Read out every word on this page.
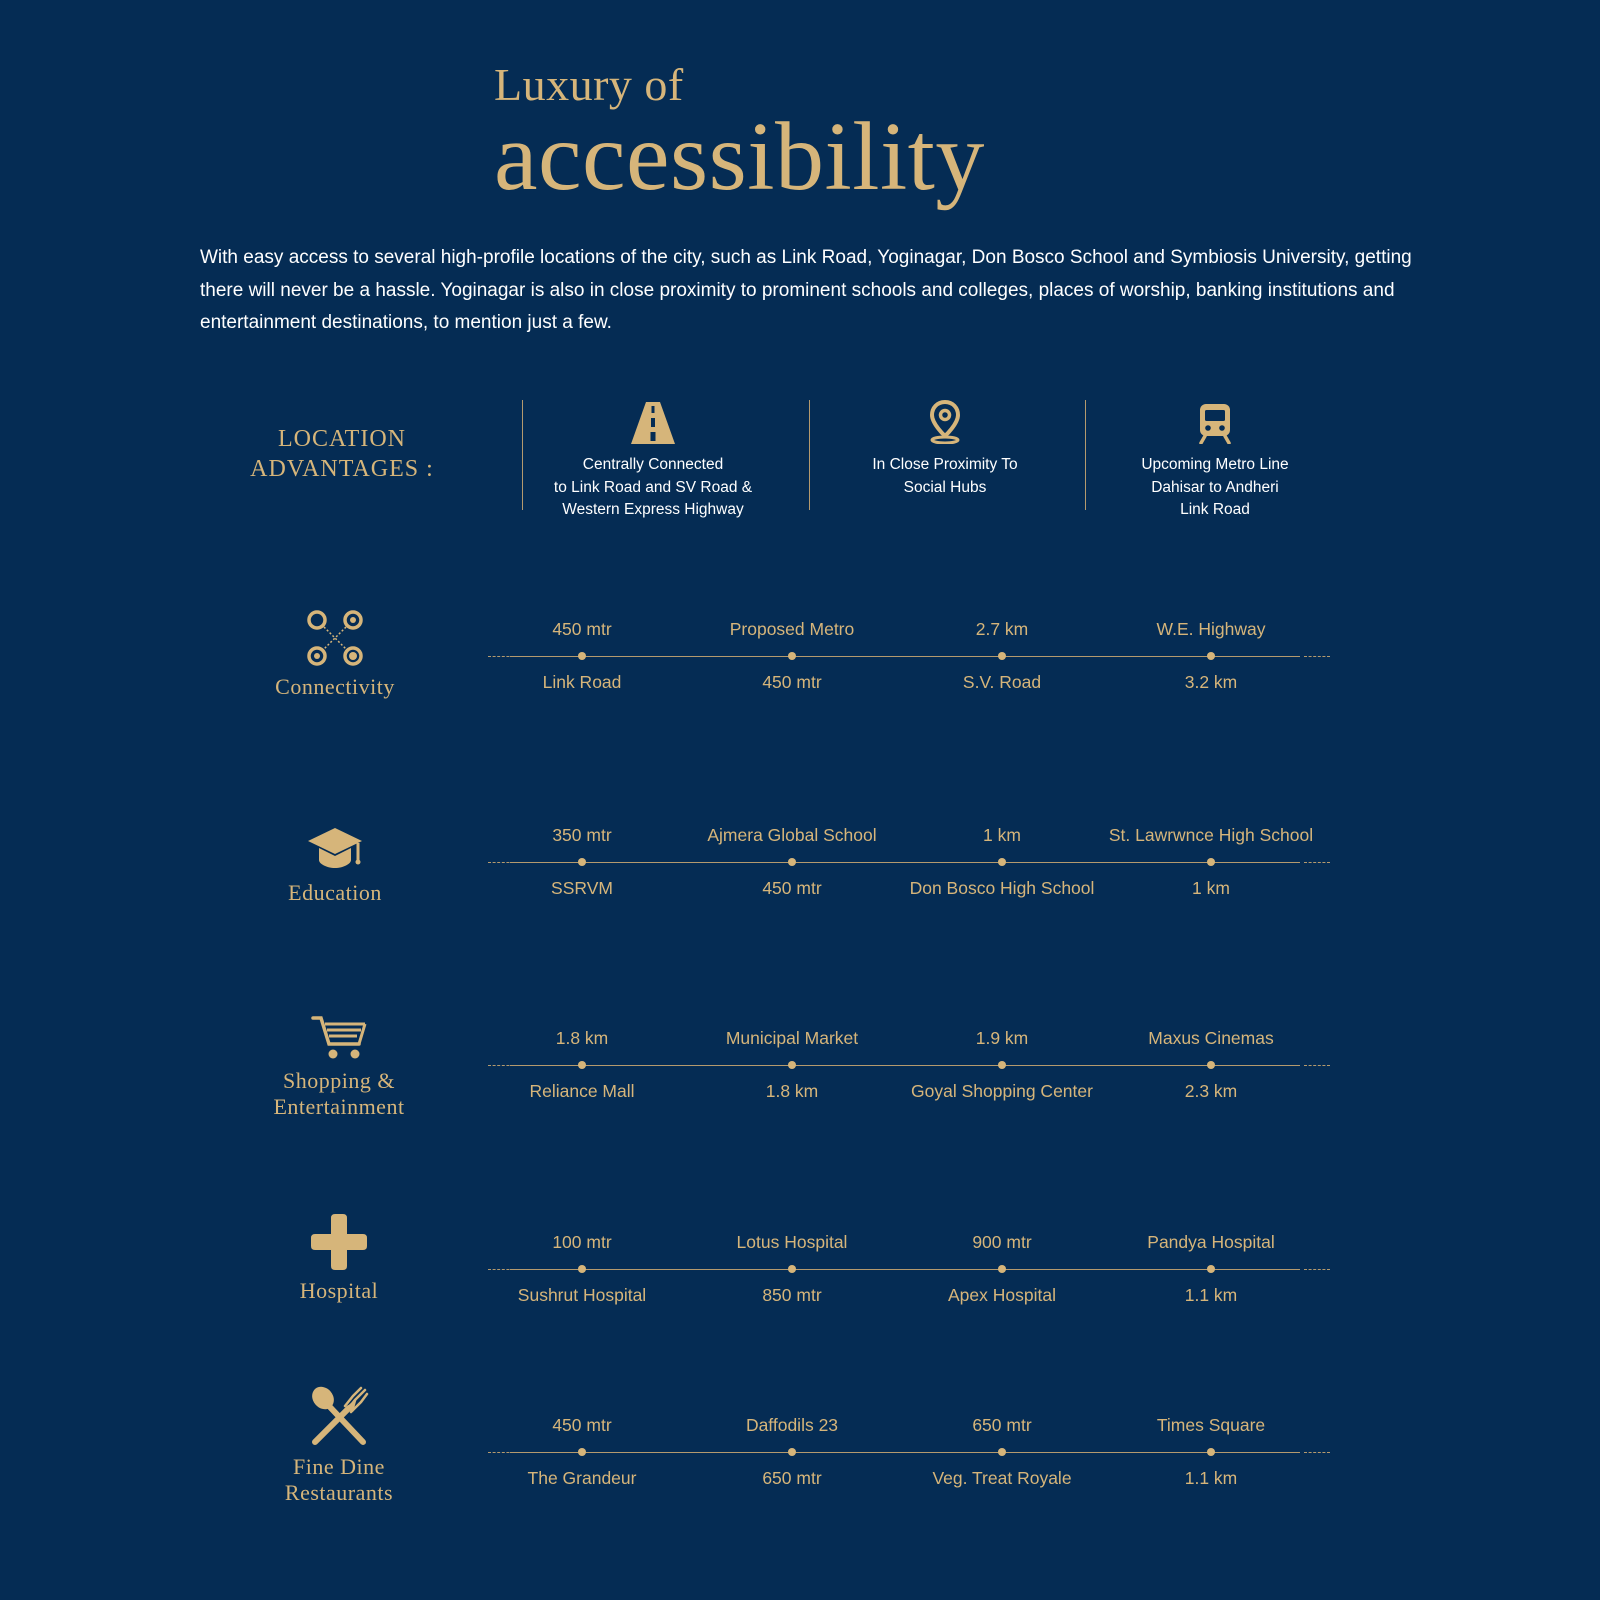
Luxury of
accessibility
With easy access to several high-profile locations of the city, such as Link Road, Yoginagar, Don Bosco School and Symbiosis University, getting there will never be a hassle. Yoginagar is also in close proximity to prominent schools and colleges, places of worship, banking institutions and entertainment destinations, to mention just a few.
LOCATION
ADVANTAGES :	Centrally Connected
to Link Road and SV Road &
Western Express Highway
In Close Proximity To
Social Hubs
Upcoming Metro Line
Dahisar to Andheri
Link Road
Connectivity
Education
Shopping &
Entertainment
Hospital
Fine Dine
Restaurants
450 mtr
Link Road
Proposed Metro
450 mtr
2.7 km
S.V. Road
W.E. Highway
3.2 km
350 mtr
SSRVM
Ajmera Global School
450 mtr
1 km
Don Bosco High School
St. Lawrwnce High School
1 km
1.8 km
Reliance Mall
Municipal Market
1.8 km
1.9 km
Goyal Shopping Center
Maxus Cinemas
2.3 km
100 mtr
Sushrut Hospital
Lotus Hospital
850 mtr
900 mtr
Apex Hospital
Pandya Hospital
1.1 km
450 mtr
The Grandeur
Daffodils 23
650 mtr
650 mtr
Veg. Treat Royale
Times Square
1.1 km
